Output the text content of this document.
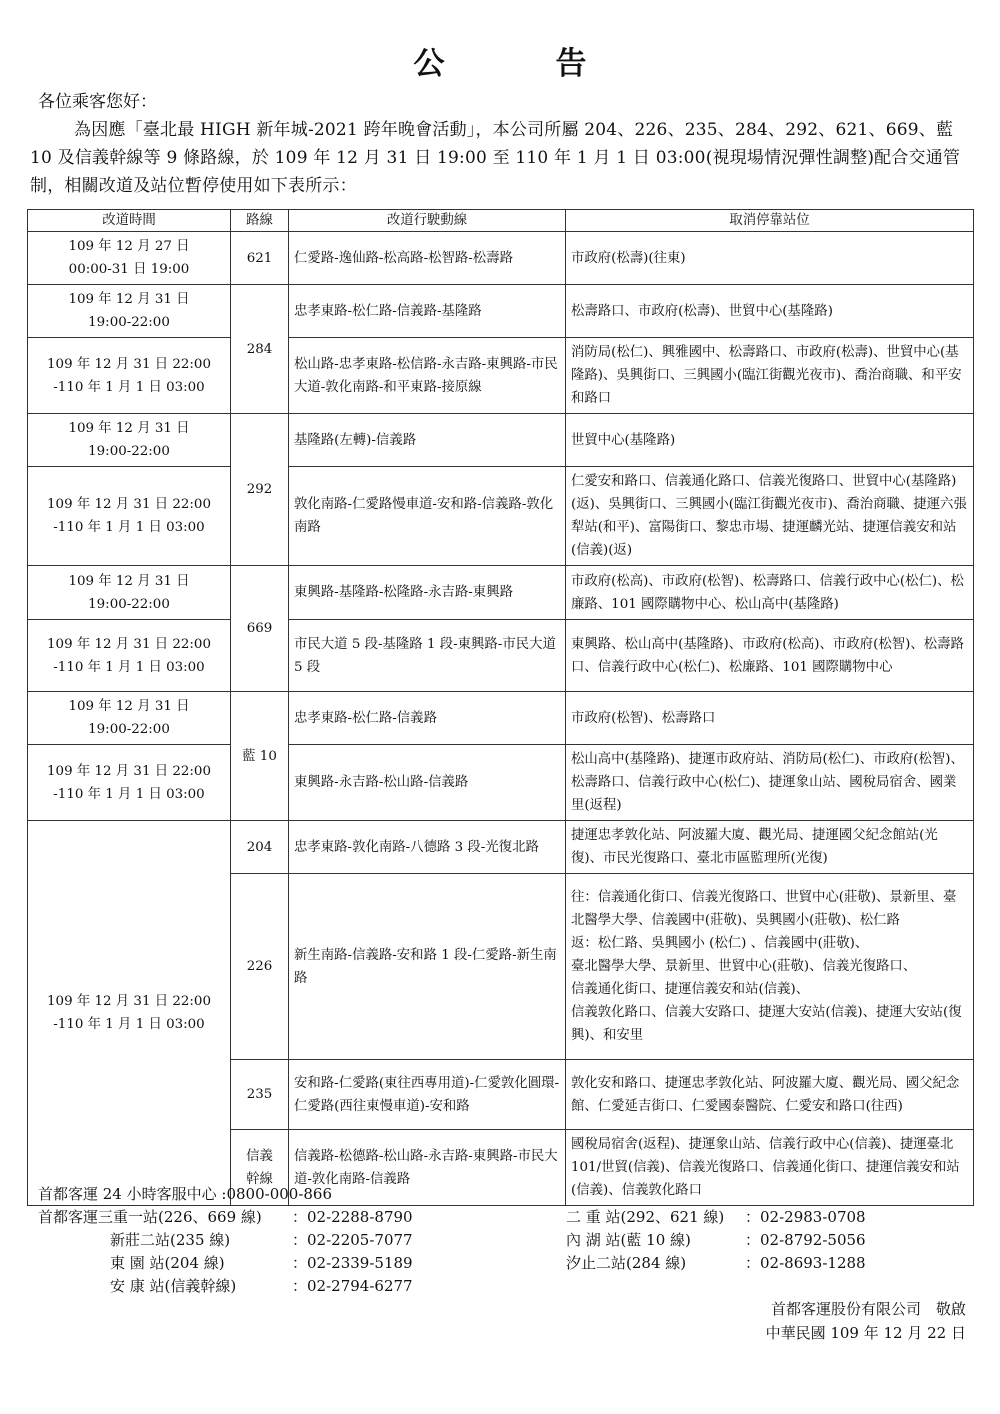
公　告
各位乘客您好：
為因應「臺北最 HIGH 新年城-2021 跨年晚會活動」，本公司所屬 204、226、235、284、292、621、669、藍 10 及信義幹線等 9 條路線，於 109 年 12 月 31 日 19:00 至 110 年 1 月 1 日 03:00(視現場情況彈性調整)配合交通管制，相關改道及站位暫停使用如下表所示：
改道時間	路線	改道行駛動線	取消停靠站位
109 年 12 月 27 日
00:00-31 日 19:00	621	仁愛路-逸仙路-松高路-松智路-松壽路	市政府(松壽)(往東)
109 年 12 月 31 日
19:00-22:00	284	忠孝東路-松仁路-信義路-基隆路	松壽路口、市政府(松壽)、世貿中心(基隆路)
109 年 12 月 31 日 22:00
-110 年 1 月 1 日 03:00		松山路-忠孝東路-松信路-永吉路-東興路-市民大道-敦化南路-和平東路-接原線	消防局(松仁)、興雅國中、松壽路口、市政府(松壽)、世貿中心(基隆路)、吳興街口、三興國小(臨江街觀光夜市)、喬治商職、和平安和路口
109 年 12 月 31 日
19:00-22:00	292	基隆路(左轉)-信義路	世貿中心(基隆路)
109 年 12 月 31 日 22:00
-110 年 1 月 1 日 03:00		敦化南路-仁愛路慢車道-安和路-信義路-敦化南路	仁愛安和路口、信義通化路口、信義光復路口、世貿中心(基隆路)(返)、吳興街口、三興國小(臨江街觀光夜市)、喬治商職、捷運六張犁站(和平)、富陽街口、黎忠市場、捷運麟光站、捷運信義安和站(信義)(返)
109 年 12 月 31 日
19:00-22:00	669	東興路-基隆路-松隆路-永吉路-東興路	市政府(松高)、市政府(松智)、松壽路口、信義行政中心(松仁)、松廉路、101 國際購物中心、松山高中(基隆路)
109 年 12 月 31 日 22:00
-110 年 1 月 1 日 03:00		市民大道 5 段-基隆路 1 段-東興路-市民大道 5 段	東興路、松山高中(基隆路)、市政府(松高)、市政府(松智)、松壽路口、信義行政中心(松仁)、松廉路、101 國際購物中心
109 年 12 月 31 日
19:00-22:00	藍 10	忠孝東路-松仁路-信義路	市政府(松智)、松壽路口
109 年 12 月 31 日 22:00
-110 年 1 月 1 日 03:00		東興路-永吉路-松山路-信義路	松山高中(基隆路)、捷運市政府站、消防局(松仁)、市政府(松智)、松壽路口、信義行政中心(松仁)、捷運象山站、國稅局宿舍、國業里(返程)
109 年 12 月 31 日 22:00
-110 年 1 月 1 日 03:00	204	忠孝東路-敦化南路-八德路 3 段-光復北路	捷運忠孝敦化站、阿波羅大廈、觀光局、捷運國父紀念館站(光復)、市民光復路口、臺北市區監理所(光復)
	226	新生南路-信義路-安和路 1 段-仁愛路-新生南路	往：信義通化街口、信義光復路口、世貿中心(莊敬)、景新里、臺北醫學大學、信義國中(莊敬)、吳興國小(莊敬)、松仁路
返：松仁路、吳興國小 (松仁) 、信義國中(莊敬)、
臺北醫學大學、景新里、世貿中心(莊敬)、信義光復路口、
信義通化街口、捷運信義安和站(信義)、
信義敦化路口、信義大安路口、捷運大安站(信義)、捷運大安站(復興)、和安里
	235	安和路-仁愛路(東往西專用道)-仁愛敦化圓環-仁愛路(西往東慢車道)-安和路	敦化安和路口、捷運忠孝敦化站、阿波羅大廈、觀光局、國父紀念館、仁愛延吉街口、仁愛國泰醫院、仁愛安和路口(往西)
	信義
幹線	信義路-松德路-松山路-永吉路-東興路-市民大道-敦化南路-信義路	國稅局宿舍(返程)、捷運象山站、信義行政中心(信義)、捷運臺北 101/世貿(信義)、信義光復路口、信義通化街口、捷運信義安和站(信義)、信義敦化路口
首都客運 24 小時客服中心 :0800-000-866
首都客運三重一站(226、669 線) ：02-2288-8790
新莊二站(235 線)	：02-2205-7077
東 園 站(204 線)	：02-2339-5189
安 康 站(信義幹線)	：02-2794-6277
二 重 站(292、621 線) ：02-2983-0708
內 湖 站(藍 10 線)	：02-8792-5056
汐止二站(284 線)	：02-8693-1288
首都客運股份有限公司　敬啟
中華民國 109 年 12 月 22 日
